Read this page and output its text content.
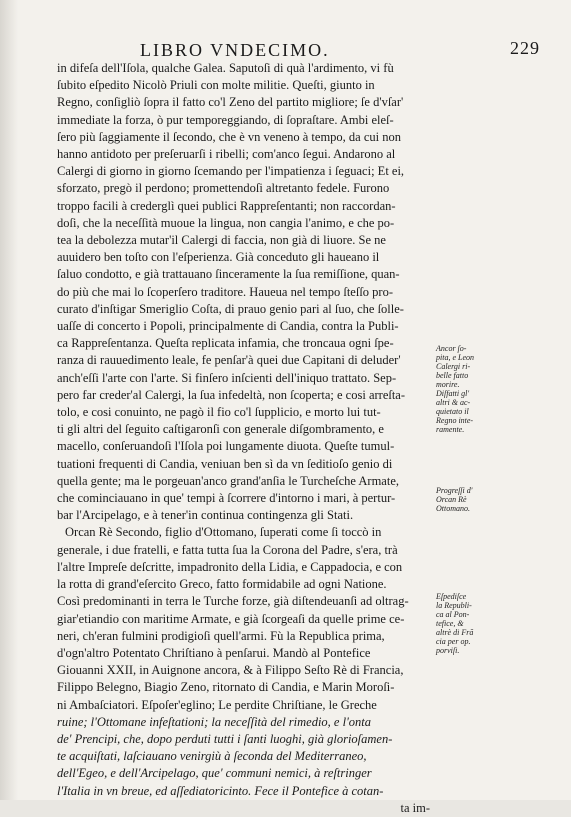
LIBRO VNDECIMO.	229
in difeſa dell'Iſola, qualche Galea. Saputoſi di quà l'ardimento, vi fù
ſubito eſpedito Nicolò Priuli con molte militie. Queſti, giunto in
Regno, conſigliò ſopra il fatto co'l Zeno del partito migliore; ſe d'vſar'
immediate la forza, ò pur temporeggiando, di ſopraſtare. Ambi eleſ-
ſero più ſaggiamente il ſecondo, che è vn veneno à tempo, da cui non
hanno antidoto per preſeruarſi i ribelli; com'anco ſegui. Andarono al
Calergi di giorno in giorno ſcemando per l'impatienza i ſeguaci; Et ei,
sforzato, pregò il perdono; promettendoſi altretanto fedele. Furono
troppo facili à crederglì quei publici Rappreſentanti; non raccordan-
doſi, che la neceſſità muoue la lingua, non cangia l'animo, e che po-
tea la debolezza mutar'il Calergi di faccia, non già di liuore. Se ne
auuidero ben toſto con l'eſperienza. Già conceduto gli haueano il
ſaluo condotto, e già trattauano ſinceramente la ſua remiſſione, quan-
do più che mai lo ſcoperſero traditore. Haueua nel tempo ſteſſo pro-
curato d'inſtigar Smeriglio Coſta, di prauo genio pari al ſuo, che ſolle-
uaſſe di concerto i Popoli, principalmente di Candia, contra la Publi-
ca Rappreſentanza. Queſta replicata infamia, che troncaua ogni ſpe-
ranza di rauuedimento leale, fe penſar'à quei due Capitani di deluder'
anch'eſſi l'arte con l'arte. Si finſero inſcienti dell'iniquo trattato. Sep-
pero far creder'al Calergi, la ſua infedeltà, non ſcoperta; e cosi arreſta-
tolo, e cosi conuinto, ne pagò il fio co'l ſupplicio, e morto lui tut-
ti gli altri del ſeguito caſtigaronſi con generale diſgombramento, e
macello, conſeruandoſi l'Iſola poi lungamente diuota. Queſte tumul-
tuationi frequenti di Candia, veniuan ben sì da vn ſeditioſo genio di
quella gente; ma le porgeuan'anco grand'anſia le Turcheſche Armate,
che cominciauano in que' tempi à ſcorrere d'intorno i mari, à pertur-
bar l'Arcipelago, e à tener'in continua contingenza gli Stati.
Orcan Rè Secondo, figlio d'Ottomano, ſuperati come ſi toccò in
generale, i due fratelli, e fatta tutta ſua la Corona del Padre, s'era, trà
l'altre Impreſe deſcritte, impadronito della Lidia, e Cappadocia, e con
la rotta di grand'eſercito Greco, fatto formidabile ad ogni Natione.
Così predominanti in terra le Turche forze, già diſtendeuanſi ad oltrag-
giar'etiandio con maritime Armate, e già ſcorgeaſi da quelle prime ce-
neri, ch'eran fulmini prodigioſi quell'armi. Fù la Republica prima,
d'ogn'altro Potentato Chriſtiano à penſarui. Mandò al Pontefice
Giouanni XXII, in Auignone ancora, & à Filippo Seſto Rè di Francia,
Filippo Belegno, Biagio Zeno, ritornato di Candia, e Marin Moroſi-
ni Ambaſciatori. Eſpoſer'eglino; Le perdite Chriſtiane, le Greche
ruine; l'Ottomane infeſtationi; la neceſſità del rimedio, e l'onta
de' Prencipi, che, dopo perduti tutti i ſanti luoghi, già glorioſamen-
te acquiſtati, laſciauano venirgiù à ſeconda del Mediterraneo,
dell'Egeo, e dell'Arcipelago, que' communi nemici, à reſtringer
l'Italia in vn breue, ed aſſediatoricinto. Fece il Pontefice à cotan-
ta im-
Ancor ſo-
pita, e Leon
Calergi ri-
belle fatto
morire.
Diſfatti gl'
altri & ac-
quietato il
Regno inte-
ramente.
Progreſſi d'
Orcan Rè
Ottomano.
Eſpediſce
la Republi-
ca al Pon-
tefice, &
altrè di Frã
cia per op.
porviſi.
